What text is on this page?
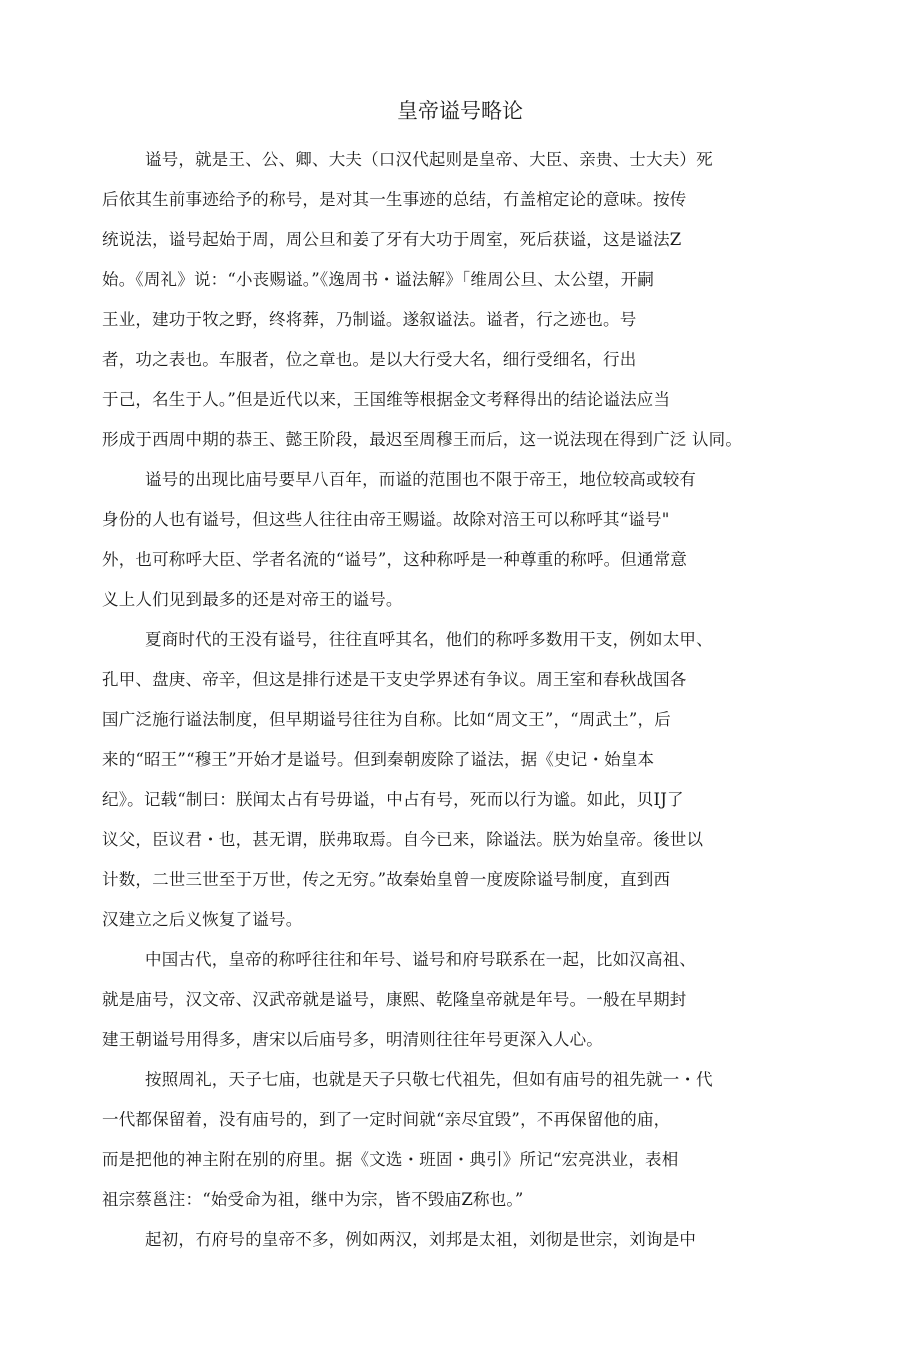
皇帝谥号略论
谥号，就是王、公、卿、大夫（口汉代起则是皇帝、大臣、亲贵、士大夫）死
后依其生前事迹给予的称号，是对其一生事迹的总结，冇盖棺定论的意味。按传
统说法，谥号起始于周，周公旦和姜了牙有大功于周室，死后获谥，这是谥法Z
始。《周礼》说：“小丧赐谥。”《逸周书・谥法解》「维周公旦、太公望，开嗣
王业，建功于牧之野，终将葬，乃制谥。遂叙谥法。谥者，行之迹也。号
者，功之表也。车服者，位之章也。是以大行受大名，细行受细名，行出
于己，名生于人。”但是近代以来，王国维等根据金文考释得出的结论谥法应当
形成于西周中期的恭王、懿王阶段，最迟至周穆王而后，这一说法现在得到广泛 认同。
谥号的出现比庙号要早八百年，而谥的范围也不限于帝王，地位较高或较有
身份的人也有谥号，但这些人往往由帝王赐谥。故除对涪王可以称呼其“谥号"
外，也可称呼大臣、学者名流的“谥号”，这种称呼是一种尊重的称呼。但通常意
义上人们见到最多的还是对帝王的谥号。
夏商时代的王没有谥号，往往直呼其名，他们的称呼多数用干支，例如太甲、
孔甲、盘庚、帝辛，但这是排行述是干支史学界述有争议。周王室和春秋战国各
国广泛施行谥法制度，但早期谥号往往为自称。比如“周文王”，“周武土”，后
来的“昭王”“穆王”开始才是谥号。但到秦朝废除了谥法，据《史记・始皇本
纪》。记载“制曰：朕闻太占有号毋谥，中占有号，死而以行为谧。如此，贝IJ了
议父，臣议君・也，甚无谓，朕弗取焉。自今已来，除谥法。朕为始皇帝。後世以
计数，二世三世至于万世，传之无穷。”故秦始皇曾一度废除谥号制度，直到西
汉建立之后义恢复了谥号。
中国古代，皇帝的称呼往往和年号、谥号和府号联系在一起，比如汉高祖、
就是庙号，汉文帝、汉武帝就是谥号，康熙、乾隆皇帝就是年号。一般在早期封
建王朝谥号用得多，唐宋以后庙号多，明清则往往年号更深入人心。
按照周礼，天子七庙，也就是天子只敬七代祖先，但如有庙号的祖先就一・代
一代都保留着，没有庙号的，到了一定时间就“亲尽宜毁”，不再保留他的庙，
而是把他的神主附在别的府里。据《文选・班固・典引》所记“宏亮洪业，表相
祖宗蔡邕注：“始受命为祖，继中为宗，皆不毁庙Z称也。”
起初，冇府号的皇帝不多，例如两汉，刘邦是太祖，刘彻是世宗，刘询是中
